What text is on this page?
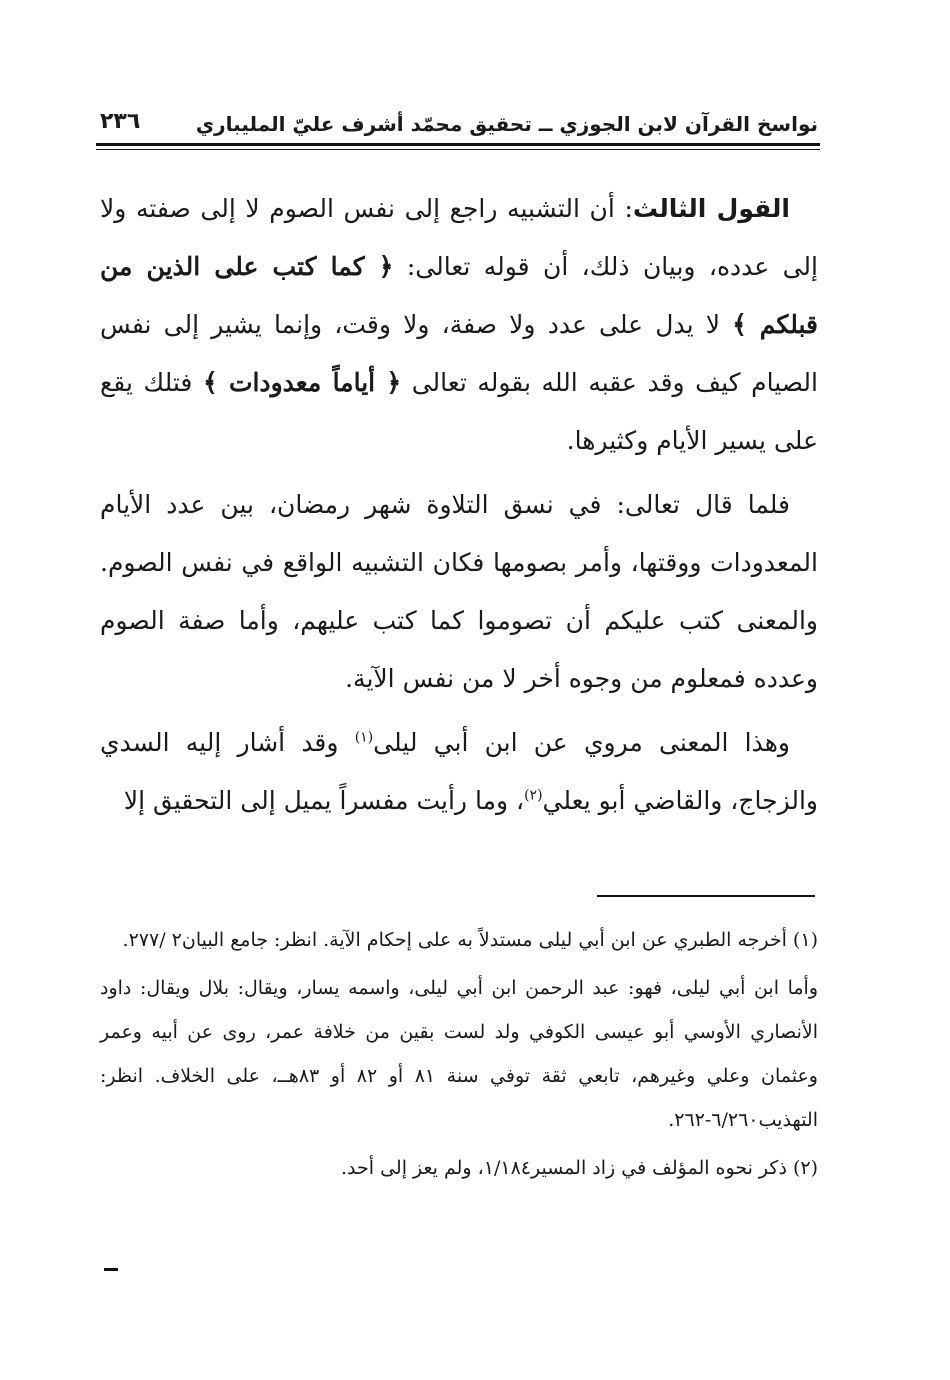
نواسخ القرآن لابن الجوزي ــ تحقيق محمّد أشرف عليّ المليباري
٢٣٦

القول الثالث: أن التشبيه راجع إلى نفس الصوم لا إلى صفته ولا إلى عدده، وبيان ذلك، أن قوله تعالى: ﴿ كما كتب على الذين من قبلكم ﴾ لا يدل على عدد ولا صفة، ولا وقت، وإنما يشير إلى نفس الصيام كيف وقد عقبه الله بقوله تعالى ﴿ أياماً معدودات ﴾ فتلك يقع على يسير الأيام وكثيرها.

فلما قال تعالى: في نسق التلاوة شهر رمضان، بين عدد الأيام المعدودات ووقتها، وأمر بصومها فكان التشبيه الواقع في نفس الصوم. والمعنى كتب عليكم أن تصوموا كما كتب عليهم، وأما صفة الصوم وعدده فمعلوم من وجوه أخر لا من نفس الآية.

وهذا المعنى مروي عن ابن أبي ليلى$^{(١)}$ وقد أشار إليه السدي والزجاج، والقاضي أبو يعلي$^{(٢)}$، وما رأيت مفسراً يميل إلى التحقيق إلا

(١) أخرجه الطبري عن ابن أبي ليلى مستدلاً به على إحكام الآية. انظر: جامع البيان٢ /٢٧٧.

وأما ابن أبي ليلى، فهو: عبد الرحمن ابن أبي ليلى، واسمه يسار، ويقال: بلال ويقال: داود الأنصاري الأوسي أبو عيسى الكوفي ولد لست بقين من خلافة عمر، روى عن أبيه وعمر وعثمان وعلي وغيرهم، تابعي ثقة توفي سنة ٨١ أو ٨٢ أو ٨٣هــ، على الخلاف. انظر: التهذيب٦/٢٦٠-٢٦٢.

(٢) ذكر نحوه المؤلف في زاد المسير١/١٨٤، ولم يعز إلى أحد.
